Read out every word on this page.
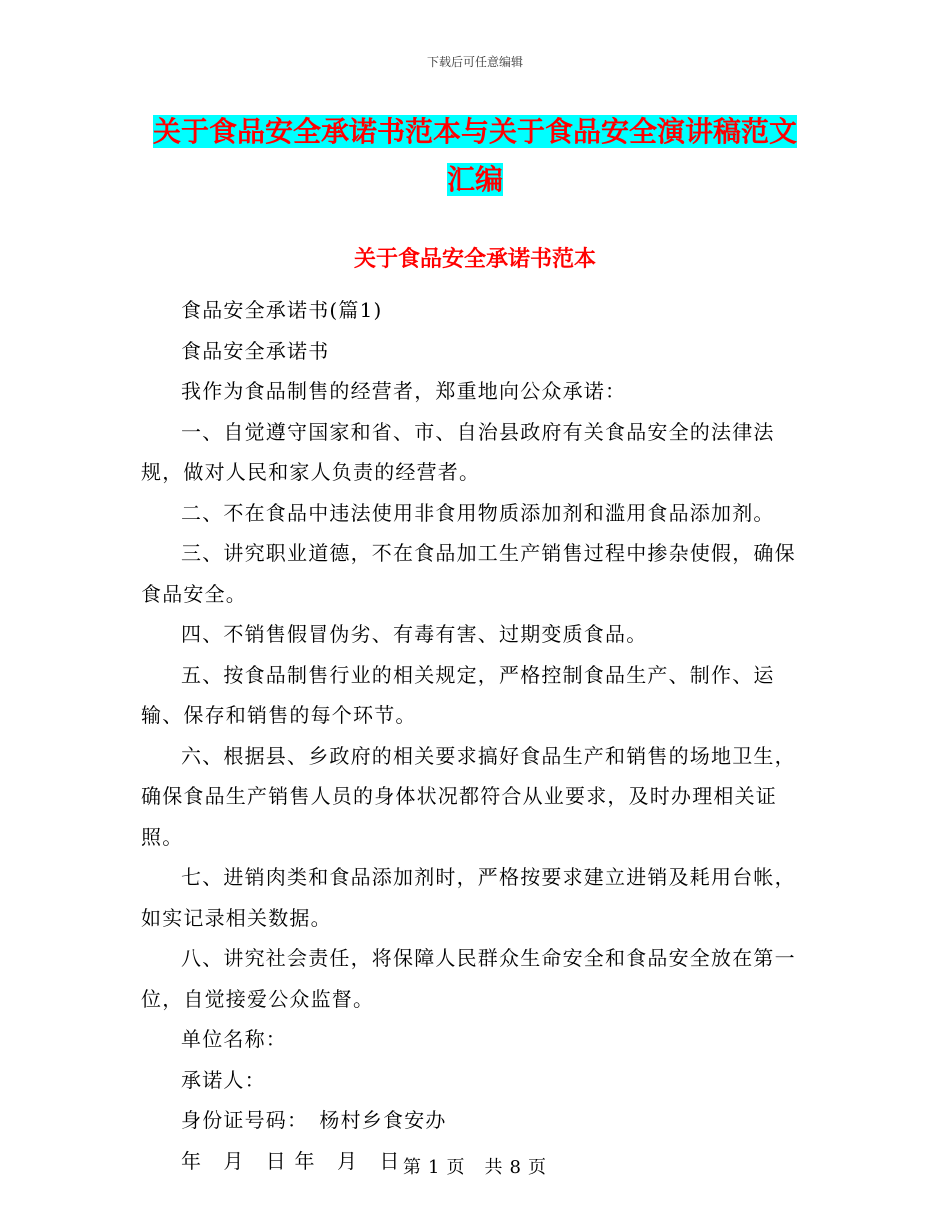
下载后可任意编辑
关于食品安全承诺书范本与关于食品安全演讲稿范文
汇编
关于食品安全承诺书范本

食品安全承诺书(篇1)

食品安全承诺书

我作为食品制售的经营者，郑重地向公众承诺：

一、自觉遵守国家和省、市、自治县政府有关食品安全的法律法规，做对人民和家人负责的经营者。

二、不在食品中违法使用非食用物质添加剂和滥用食品添加剂。

三、讲究职业道德，不在食品加工生产销售过程中掺杂使假，确保食品安全。

四、不销售假冒伪劣、有毒有害、过期变质食品。

五、按食品制售行业的相关规定，严格控制食品生产、制作、运输、保存和销售的每个环节。

六、根据县、乡政府的相关要求搞好食品生产和销售的场地卫生，确保食品生产销售人员的身体状况都符合从业要求，及时办理相关证照。

七、进销肉类和食品添加剂时，严格按要求建立进销及耗用台帐，如实记录相关数据。

八、讲究社会责任，将保障人民群众生命安全和食品安全放在第一位，自觉接爱公众监督。

单位名称：

承诺人：

身份证号码：　杨村乡食安办

年　月　日 年　月　日 第 1 页　共 8 页
